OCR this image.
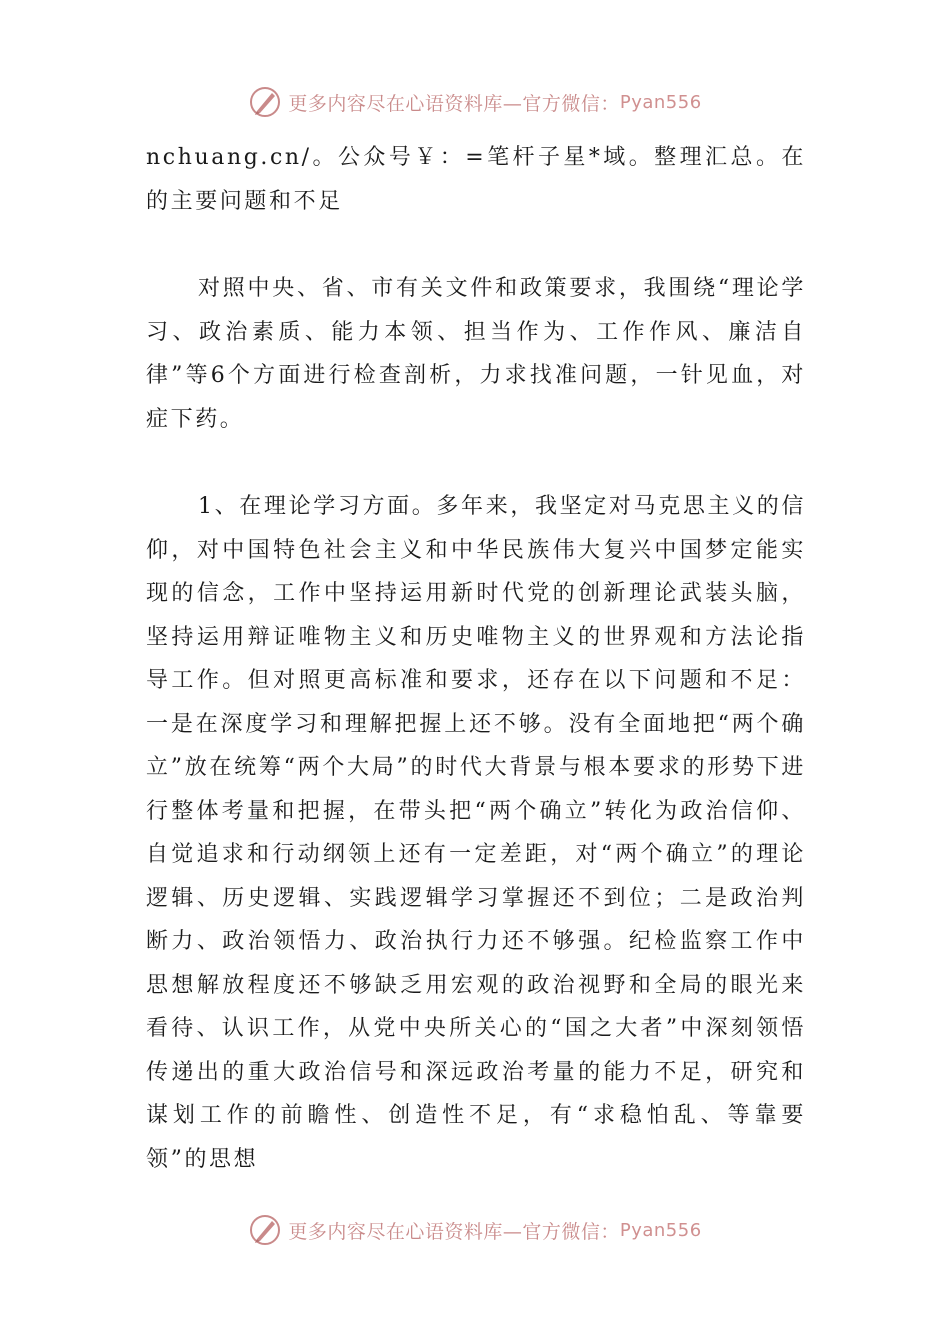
更多内容尽在心语资料库—官方微信： Pyan556

nchuang.cn/。公众号￥：=笔杆子星*域。整理汇总。在的主要问题和不足

对照中央、省、市有关文件和政策要求，我围绕“理论学习、政治素质、能力本领、担当作为、工作作风、廉洁自律”等6个方面进行检查剖析，力求找准问题，一针见血，对症下药。

1、在理论学习方面。多年来，我坚定对马克思主义的信仰，对中国特色社会主义和中华民族伟大复兴中国梦定能实现的信念，工作中坚持运用新时代党的创新理论武装头脑，坚持运用辩证唯物主义和历史唯物主义的世界观和方法论指导工作。但对照更高标准和要求，还存在以下问题和不足：一是在深度学习和理解把握上还不够。没有全面地把“两个确立”放在统筹“两个大局”的时代大背景与根本要求的形势下进行整体考量和把握，在带头把“两个确立”转化为政治信仰、自觉追求和行动纲领上还有一定差距，对“两个确立”的理论逻辑、历史逻辑、实践逻辑学习掌握还不到位；二是政治判断力、政治领悟力、政治执行力还不够强。纪检监察工作中思想解放程度还不够缺乏用宏观的政治视野和全局的眼光来看待、认识工作，从党中央所关心的“国之大者”中深刻领悟传递出的重大政治信号和深远政治考量的能力不足，研究和谋划工作的前瞻性、创造性不足，有“求稳怕乱、等靠要领”的思想

更多内容尽在心语资料库—官方微信： Pyan556
